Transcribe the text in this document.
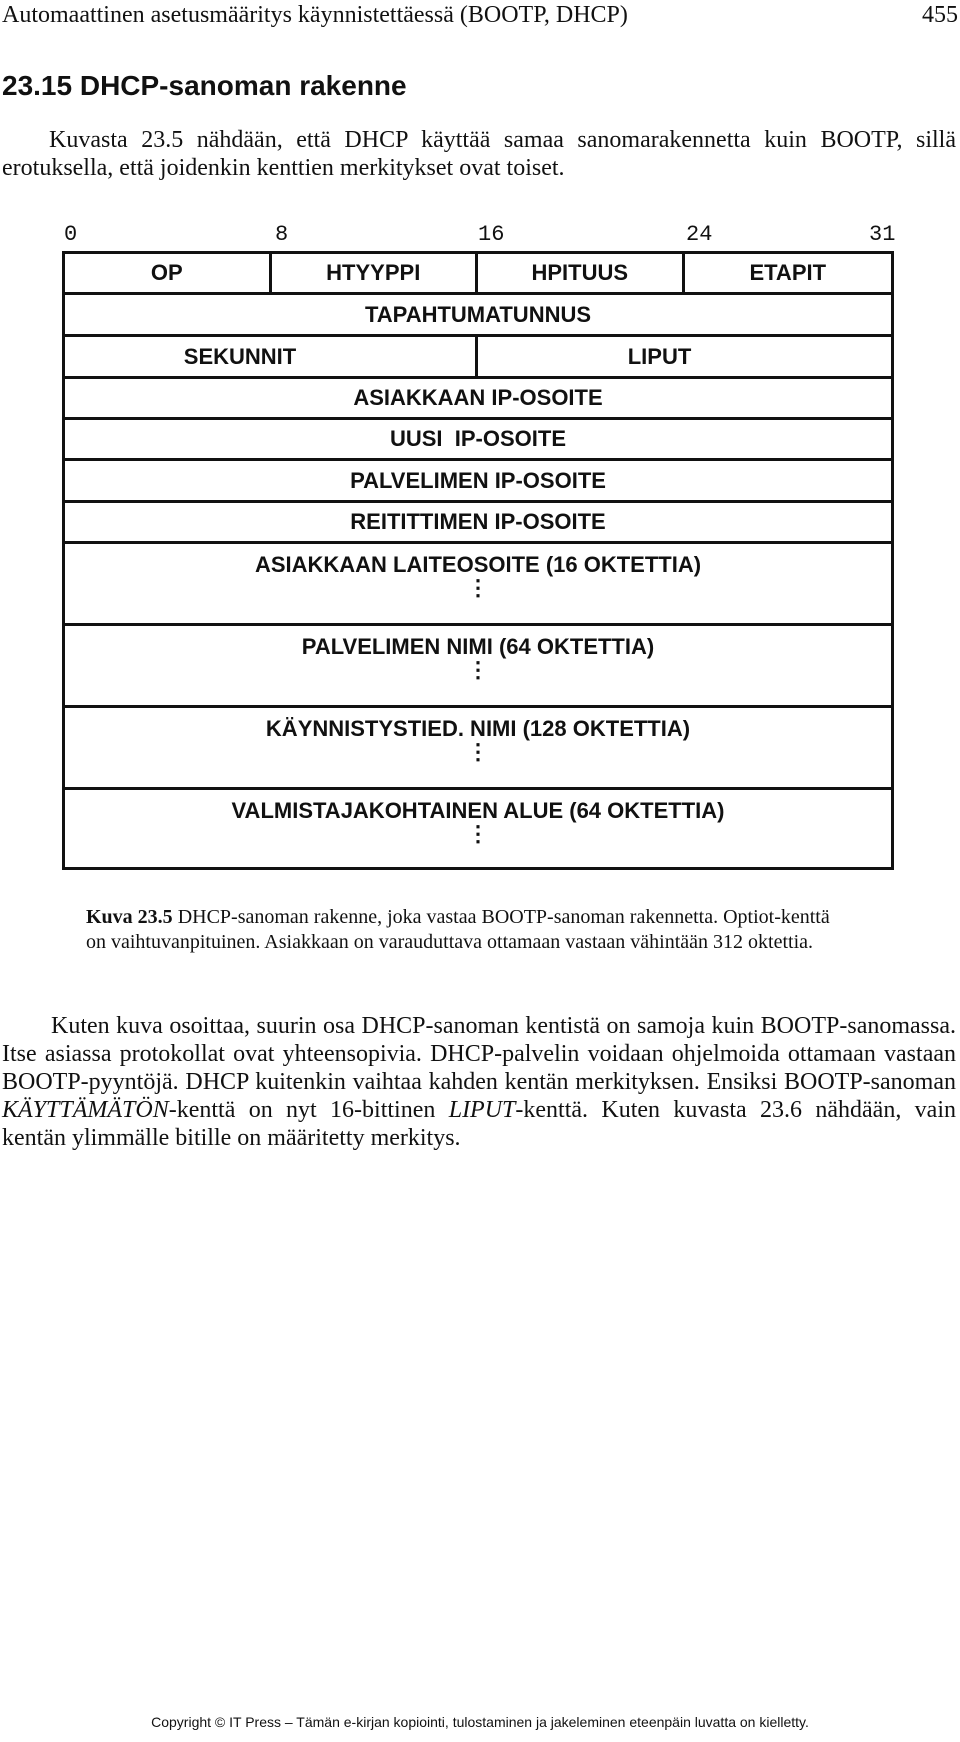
Automaattinen asetusmääritys käynnistettäessä (BOOTP, DHCP)	455
23.15 DHCP-sanoman rakenne

Kuvasta 23.5 nähdään, että DHCP käyttää samaa sanomarakennetta kuin BOOTP, sillä erotuksella, että joidenkin kenttien merkitykset ovat toiset.

0	8	16	24	31
OP	HTYYPPI	HPITUUS	ETAPIT
TAPAHTUMATUNNUS
SEKUNNIT	LIPUT
ASIAKKAAN IP-OSOITE
UUSI  IP-OSOITE
PALVELIMEN IP-OSOITE
REITITTIMEN IP-OSOITE
ASIAKKAAN LAITEOSOITE (16 OKTETTIA)
⋮
PALVELIMEN NIMI (64 OKTETTIA)
⋮
KÄYNNISTYSTIED. NIMI (128 OKTETTIA)
⋮
VALMISTAJAKOHTAINEN ALUE (64 OKTETTIA)
⋮

Kuva 23.5 DHCP-sanoman rakenne, joka vastaa BOOTP-sanoman rakennetta. Optiot-kenttä on vaihtuvanpituinen. Asiakkaan on varauduttava ottamaan vastaan vähintään 312 oktettia.

Kuten kuva osoittaa, suurin osa DHCP-sanoman kentistä on samoja kuin BOOTP-sanomassa. Itse asiassa protokollat ovat yhteensopivia. DHCP-palvelin voidaan ohjelmoida ottamaan vastaan BOOTP-pyyntöjä. DHCP kuitenkin vaihtaa kahden kentän merkityksen. Ensiksi BOOTP-sanoman KÄYTTÄMÄTÖN-kenttä on nyt 16-bittinen LIPUT-kenttä. Kuten kuvasta 23.6 nähdään, vain kentän ylimmälle bitille on määritetty merkitys.

Copyright © IT Press – Tämän e-kirjan kopiointi, tulostaminen ja jakeleminen eteenpäin luvatta on kielletty.
